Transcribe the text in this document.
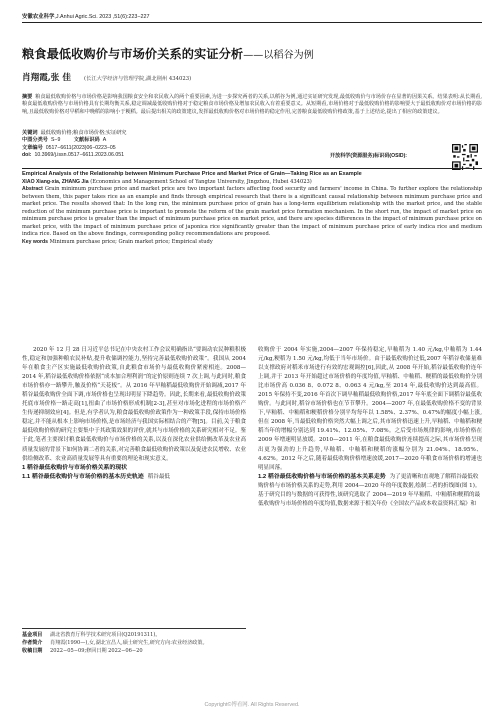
安徽农业科学,J.Anhui Agric.Sci. 2023 ,51(6):223−227
粮食最低收购价与市场价关系的实证分析——以稻谷为例
肖翔霞,张 佳 (长江大学经济与管理学院,湖北荆州 434023)

摘要 粮食最低收购价格与市场价格是影响我国粮食安全和农民收入的两个重要因素,为进一步探究两者的关系,以稻谷为例,通过实证研究发现,最低收购价与市场价存在显著的因果关系。结果表明:从长期看,粮食最低收购价格与市场价格具有长期均衡关系,稳定调减最低收购价格对于稳定粮食市场价格及增加农民收入有着重要意义。从短期看,市场价格对于最低收购价格的影响要大于最低收购价对市场价格的影响,且最低收购价格对早稻和中晚稻的影响小于粳稻。最后提出相关的政策建议,发挥最低收购价格对市场价格的稳定作用,完善粮食最低收购价格政策,基于上述结论,提出了相应的政策建议。

关键词 最低收购价格;粮食市场价格;实证研究
中图分类号 S−9	文献标识码 A
文章编号 0517−6611(2023)06−0223−05
doi: 10.3969/j.issn.0517−6611.2023.06.051	开放科学(资源服务)标识码(OSID):

Empirical Analysis of the Relationship between Minimum Purchase Price and Market Price of Grain—Taking Rice as an Example

XIAO Xiang-xia, ZHANG Jia (Economics and Management School of Yangtze University, Jingzhou, Hubei 434023)

Abstract Grain minimum purchase price and market price are two important factors affecting food security and farmers' income in China. To further explore the relationship between them, this paper takes rice as an example and finds through empirical research that there is a significant causal relationship between minimum purchase price and market price. The results showed that: In the long run, the minimum purchase price of grain has a long-term equilibrium relationship with the market price, and the stable reduction of the minimum purchase price is important to promote the reform of the grain market price formation mechanism. In the short run, the impact of market price on minimum purchase price is greater than the impact of minimum purchase price on market price, and there are species differences in the impact of minimum purchase price on market price, with the impact of minimum purchase price of japonica rice significantly greater than the impact of minimum purchase price of early indica rice and medium indica rice. Based on the above findings, corresponding policy recommendations are proposed.

Key words Minimum purchase price; Grain market price; Empirical study

2020 年 12 月 28 日习近平总书记在中央农村工作会议明确指出“要调动农民种粮积极性,稳定和加强种粮农民补贴,提升收储调控能力,坚持完善最低收购价政策”。我国从 2004 年在粮食主产区实施最低收购价政策,自此粮食市场价与最低收购价紧密相连。2008—2014 年,稻谷最低收购价格依据“成本加合理利润”的定价原则连续 7 次上调,与此同时,粮食市场价格亦一路攀升,触及价格“天花板”。从 2016 年早籼稻最低收购价开始调减,2017 年稻谷最低收购价全面下调,市场价格也呈现出明显下降趋势。因此,长期来看,最低收购价政策托底市场价格一路走高[1],扭曲了市场价格形成机制[2-3],甚至对市场化进程的市场价格产生传递抑制效应[4]。但是,有学者认为,粮食最低收购价政策作为一种政策手段,保持市场价格稳定,并不能从根本上影响市场价格,是市场经济与我国实际相结合的产物[5]。目前,关于粮食最低收购价格的研究主要集中于其政策效果的评价,就其与市场价格的关系研究相对不足。鉴于此,笔者主要探讨粮食最低收购价与市场价格的关系,以及在深化农业供给侧改革及农业高质量发展的背景下如何协调二者的关系,对完善粮食最低收购价政策以及促进农民增收、农业供给侧改革、农业高质量发展等具有重要的理论和现实意义。

1 稻谷最低收购价与市场价格关系的现状
1.1 稻谷最低收购价与市场价格的基本历史轨迹 稻谷最低

收购价于 2004 年实施,2004—2007 年保持稳定,早籼稻为 1.40 元/kg,中籼稻为 1.44 元/kg,粳稻为 1.50 元/kg,均低于当年市场价。由于最低收购价过低,2007 年稻谷收储量难以支撑政府对稻米市场进行有效的宏观调控[6],因此,从 2008 年开始,稻谷最低收购价连年上调,并于 2013 年开始超过市场价格的年度均值,早籼稻、中籼稻、粳稻的最低收购价分别比市场价高 0.036 8、0.072 8、0.063 4 元/kg,至 2014 年,最低收购价达到最高值。2015 年保持不变,2016 年首次下调早籼稻最低收购价格,2017 年年底全面下调稻谷最低收购价。与此同时,稻谷市场价格也在节节攀升。2004—2007 年,在最低收购价格不变的背景下,早籼稻、中籼稻和粳稻价格分别平均每年以 1.58%、2.37%、0.47%的幅度小幅上涨,但在 2008 年,当最低收购价格突然大幅上调之后,其市场价格迅速上升,早籼稻、中籼稻和粳稻当年的增幅分别达到 19.41%、12.05%、7.08%。之后受市场规律的影响,市场价格在 2009 年增速明显放缓。2010—2011 年,在粮食最低收购价连续提高之际,其市场价格呈现出更为强劲的上升趋势,早籼稻、中籼稻和粳稻的涨幅分别为 21.04%、18.95%、4.62%。2012 年之后,随着最低收购价格增速放缓,2017—2020 年粮食市场价格的增速也明显回落。

1.2 稻谷最低收购价格与市场价格的基本关系走势 为了更清晰和直观地了解稻谷最低收购价格与市场价格关系的走势,利用 2004—2020 年的年度数据,绘制二者的折线图(图 1)。基于研究目的与数据的可获得性,该研究选取了 2004—2019 年早籼稻、中籼稻和粳稻的最低收购价与市场价格的年度均值,数据来源于相关年份《全国农产品成本收益资料汇编》和
基金项目 湖北省教育厅科学技术研究项目(Q20191311)。
作者简介 肖翔霞(1990—),女,湖北宣昌人,硕士研究生,研究方向:农业经济政策。
收稿日期 2022−05−09;修回日期 2022−06−20
Copyright©博看网. All Rights Reserved.
